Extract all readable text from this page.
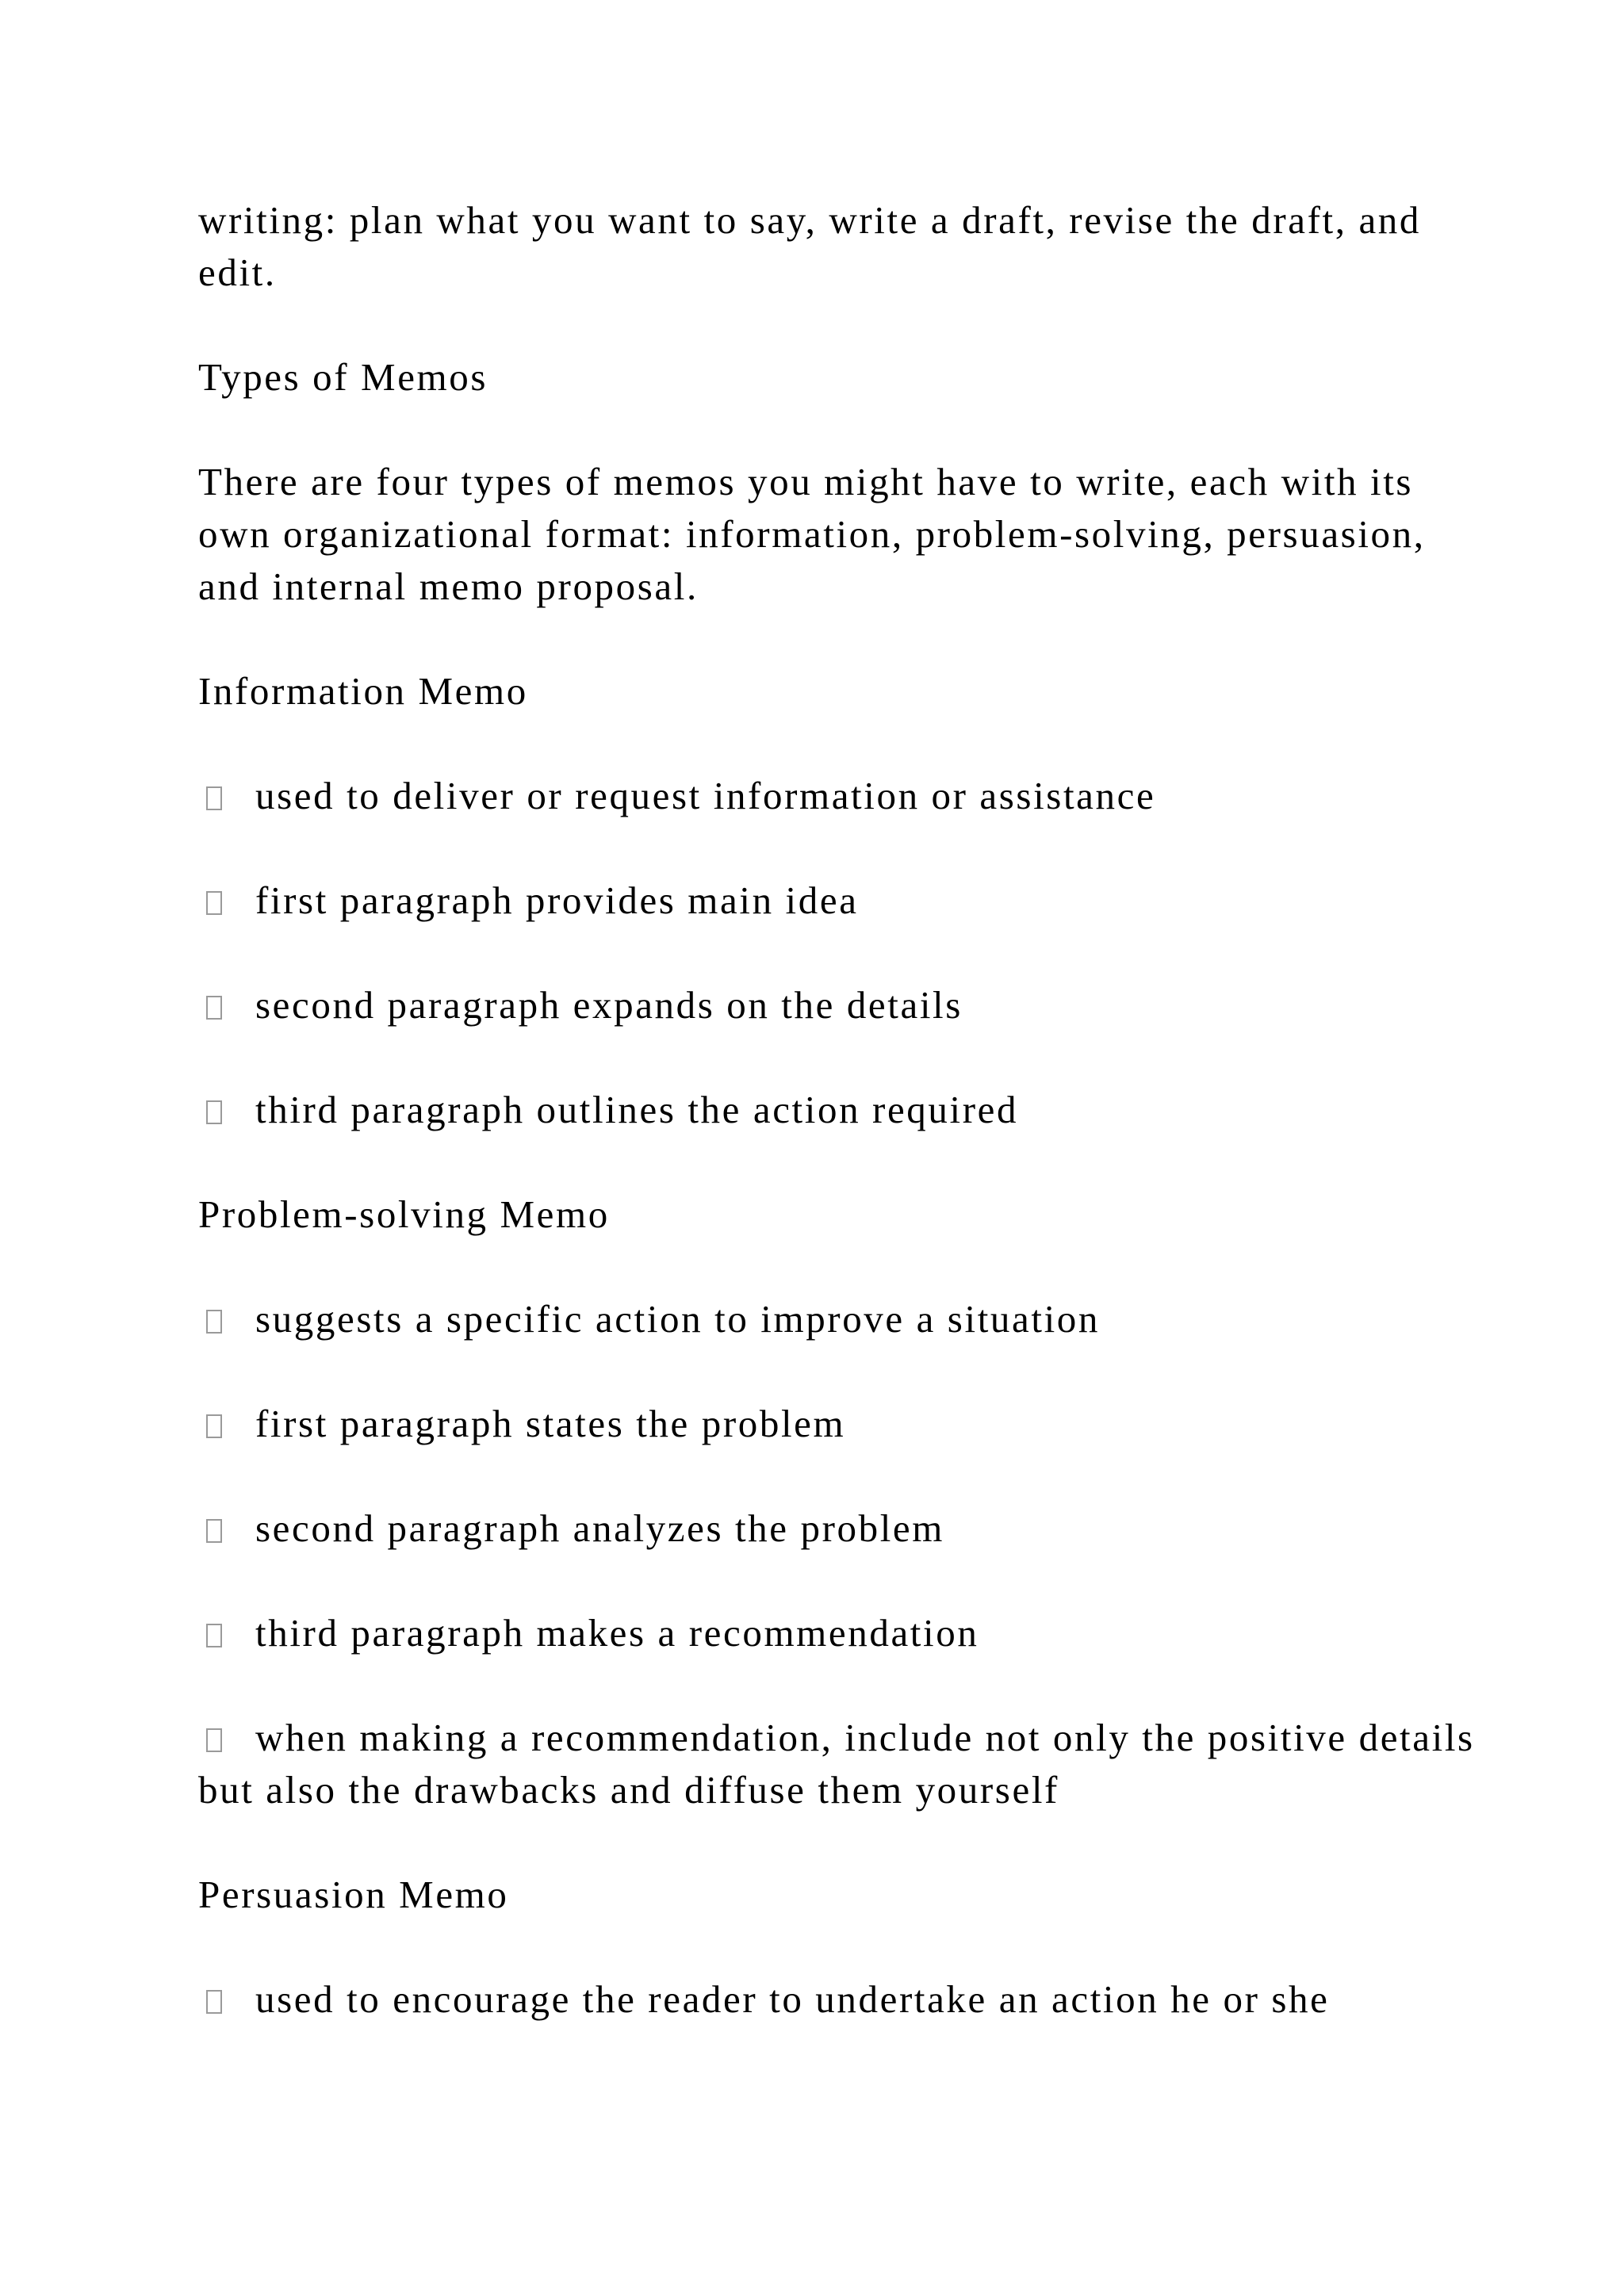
writing: plan what you want to say, write a draft, revise the draft, and edit.

Types of Memos

There are four types of memos you might have to write, each with its own organizational format: information, problem-solving, persuasion, and internal memo proposal.

Information Memo

used to deliver or request information or assistance

first paragraph provides main idea

second paragraph expands on the details

third paragraph outlines the action required

Problem-solving Memo

suggests a specific action to improve a situation

first paragraph states the problem

second paragraph analyzes the problem

third paragraph makes a recommendation

when making a recommendation, include not only the positive details but also the drawbacks and diffuse them yourself

Persuasion Memo

used to encourage the reader to undertake an action he or she
